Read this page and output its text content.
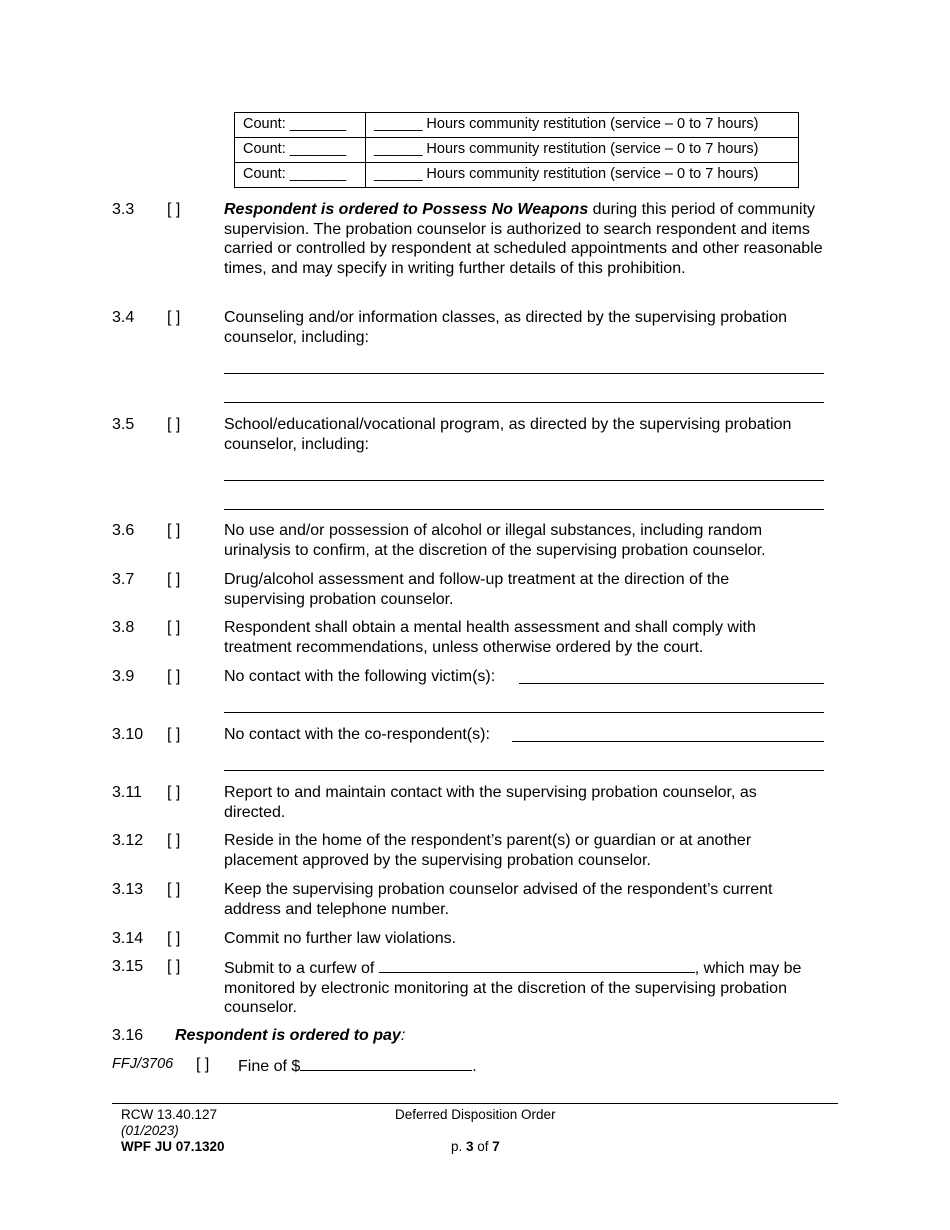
Count: _______	______ Hours community restitution (service – 0 to 7 hours)
Count: _______	______ Hours community restitution (service – 0 to 7 hours)
Count: _______	______ Hours community restitution (service – 0 to 7 hours)
3.3 [ ]	Respondent is ordered to Possess No Weapons during this period of community supervision. The probation counselor is authorized to search respondent and items carried or controlled by respondent at scheduled appointments and other reasonable times, and may specify in writing further details of this prohibition.
3.4 [ ]	Counseling and/or information classes, as directed by the supervising probation counselor, including:
3.5 [ ]	School/educational/vocational program, as directed by the supervising probation counselor, including:
3.6 [ ]	No use and/or possession of alcohol or illegal substances, including random urinalysis to confirm, at the discretion of the supervising probation counselor.
3.7 [ ]	Drug/alcohol assessment and follow-up treatment at the direction of the supervising probation counselor.
3.8 [ ]	Respondent shall obtain a mental health assessment and shall comply with treatment recommendations, unless otherwise ordered by the court.
3.9 [ ]	No contact with the following victim(s):
3.10 [ ]	No contact with the co-respondent(s):
3.11 [ ]	Report to and maintain contact with the supervising probation counselor, as directed.
3.12 [ ]	Reside in the home of the respondent’s parent(s) or guardian or at another placement approved by the supervising probation counselor.
3.13 [ ]	Keep the supervising probation counselor advised of the respondent’s current address and telephone number.
3.14 [ ]	Commit no further law violations.
3.15 [ ]	Submit to a curfew of	, which may be monitored by electronic monitoring at the discretion of the supervising probation counselor.
3.16 Respondent is ordered to pay:
FFJ/3706 [ ] Fine of $	.
RCW 13.40.127
(01/2023)
WPF JU 07.1320
Deferred Disposition Order
p. 3 of 7
